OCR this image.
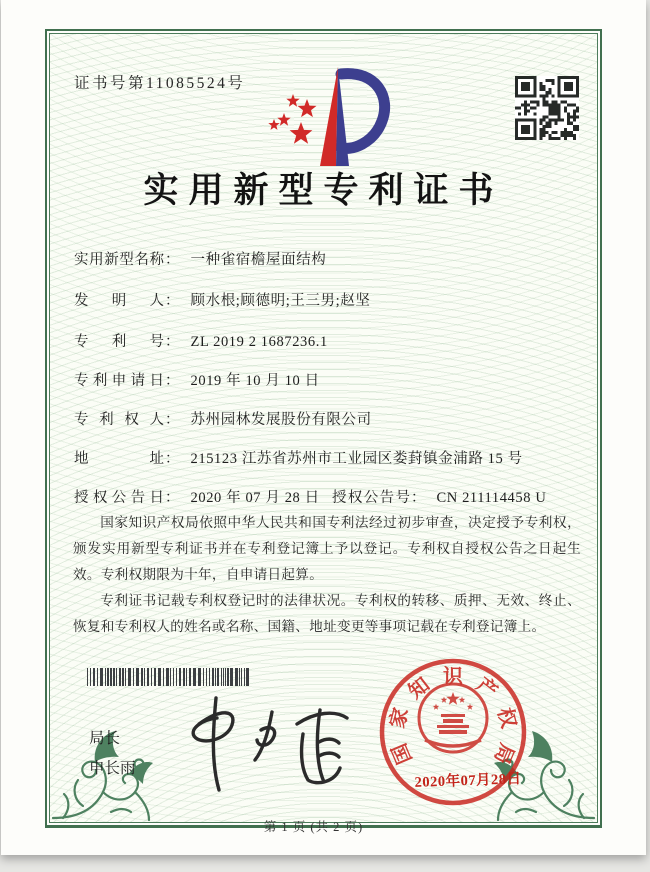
证书号第11085524号
实用新型专利证书
实用新型名称： 一种雀宿檐屋面结构
发明人： 顾水根;顾德明;王三男;赵坚
专利号： ZL 2019 2 1687236.1
专利申请日： 2019 年 10 月 10 日
专利权人： 苏州园林发展股份有限公司
地址： 215123 江苏省苏州市工业园区娄葑镇金浦路 15 号
授权公告日： 2020 年 07 月 28 日 授权公告号： CN 211114458 U

国家知识产权局依照中华人民共和国专利法经过初步审查，决定授予专利权，颁发实用新型专利证书并在专利登记簿上予以登记。专利权自授权公告之日起生效。专利权期限为十年，自申请日起算。

专利证书记载专利权登记时的法律状况。专利权的转移、质押、无效、终止、恢复和专利权人的姓名或名称、国籍、地址变更等事项记载在专利登记簿上。

局长
申长雨
国
家
知 识 产
权
局
2020年07月28日
第 1 页 (共 2 页)
